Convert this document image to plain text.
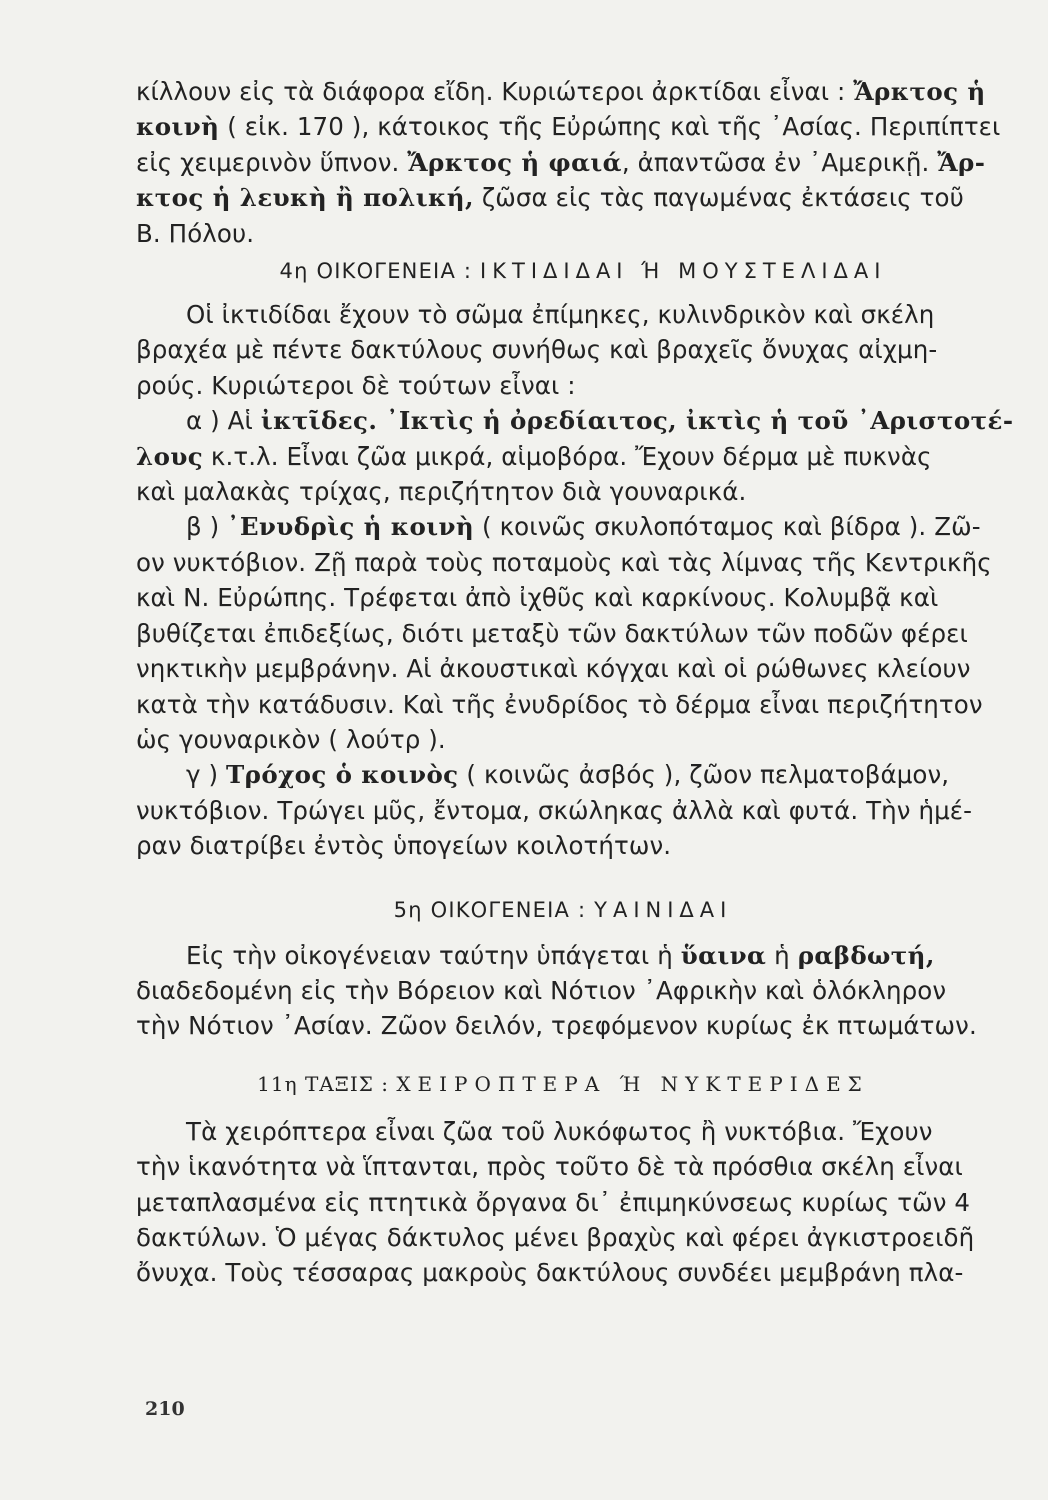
κίλλουν εἰς τὰ διάφορα εἴδη. Κυριώτεροι ἀρκτίδαι εἶναι : Ἄρκτος ἡ
κοινὴ ( εἰκ. 170 ), κάτοικος τῆς Εὐρώπης καὶ τῆς ᾿Ασίας. Περιπίπτει
εἰς χειμερινὸν ὕπνον. Ἄρκτος ἡ φαιά, ἀπαντῶσα ἐν ᾿Αμερικῇ. Ἄρ-
κτος ἡ λευκὴ ἢ πολική, ζῶσα εἰς τὰς παγωμένας ἐκτάσεις τοῦ
Β. Πόλου.

4η ΟΙΚΟΓΕΝΕΙΑ : ΙΚΤΙΔΙΔΑΙ Ή ΜΟΥΣΤΕΛΙΔΑΙ

Οἱ ἰκτιδίδαι ἔχουν τὸ σῶμα ἐπίμηκες, κυλινδρικὸν καὶ σκέλη
βραχέα μὲ πέντε δακτύλους συνήθως καὶ βραχεῖς ὄνυχας αἰχμη-
ρούς. Κυριώτεροι δὲ τούτων εἶναι :
α ) Αἱ ἰκτῖδες. ᾿Ικτὶς ἡ ὀρεδίαιτος, ἰκτὶς ἡ τοῦ ᾿Αριστοτέ-
λους κ.τ.λ. Εἶναι ζῶα μικρά, αἱμοβόρα. Ἔχουν δέρμα μὲ πυκνὰς
καὶ μαλακὰς τρίχας, περιζήτητον διὰ γουναρικά.
β ) ᾿Ενυδρὶς ἡ κοινὴ ( κοινῶς σκυλοπόταμος καὶ βίδρα ). Ζῶ-
ον νυκτόβιον. Ζῇ παρὰ τοὺς ποταμοὺς καὶ τὰς λίμνας τῆς Κεντρικῆς
καὶ Ν. Εὐρώπης. Τρέφεται ἀπὸ ἰχθῦς καὶ καρκίνους. Κολυμβᾷ καὶ
βυθίζεται ἐπιδεξίως, διότι μεταξὺ τῶν δακτύλων τῶν ποδῶν φέρει
νηκτικὴν μεμβράνην. Αἱ ἀκουστικαὶ κόγχαι καὶ οἱ ρώθωνες κλείουν
κατὰ τὴν κατάδυσιν. Καὶ τῆς ἐνυδρίδος τὸ δέρμα εἶναι περιζήτητον
ὡς γουναρικὸν ( λούτρ ).
γ ) Τρόχος ὁ κοινὸς ( κοινῶς ἀσβός ), ζῶον πελματοβάμον,
νυκτόβιον. Τρώγει μῦς, ἔντομα, σκώληκας ἀλλὰ καὶ φυτά. Τὴν ἡμέ-
ραν διατρίβει ἐντὸς ὑπογείων κοιλοτήτων.

5η ΟΙΚΟΓΕΝΕΙΑ : ΥΑΙΝΙΔΑΙ

Εἰς τὴν οἰκογένειαν ταύτην ὑπάγεται ἡ ὕαινα ἡ ραβδωτή,
διαδεδομένη εἰς τὴν Βόρειον καὶ Νότιον ᾿Αφρικὴν καὶ ὁλόκληρον
τὴν Νότιον ᾿Ασίαν. Ζῶον δειλόν, τρεφόμενον κυρίως ἐκ πτωμάτων.

11η ΤΑΞΙΣ : ΧΕΙΡΟΠΤΕΡΑ Ή ΝΥΚΤΕΡΙΔΕΣ

Τὰ χειρόπτερα εἶναι ζῶα τοῦ λυκόφωτος ἢ νυκτόβια. Ἔχουν
τὴν ἱκανότητα νὰ ἵπτανται, πρὸς τοῦτο δὲ τὰ πρόσθια σκέλη εἶναι
μεταπλασμένα εἰς πτητικὰ ὄργανα δι᾿ ἐπιμηκύνσεως κυρίως τῶν 4
δακτύλων. Ὁ μέγας δάκτυλος μένει βραχὺς καὶ φέρει ἀγκιστροειδῆ
ὄνυχα. Τοὺς τέσσαρας μακροὺς δακτύλους συνδέει μεμβράνη πλα-

210
